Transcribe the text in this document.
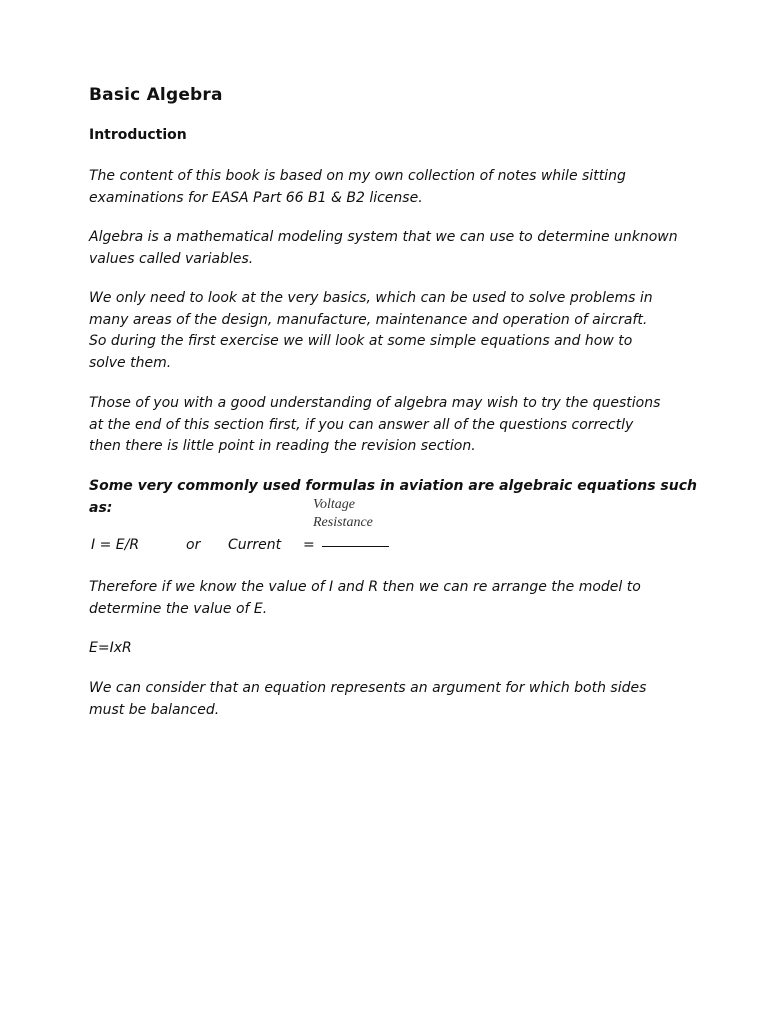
Basic Algebra
Introduction

The content of this book is based on my own collection of notes while sitting
examinations for EASA Part 66 B1 & B2 license.

Algebra is a mathematical modeling system that we can use to determine unknown
values called variables.

We only need to look at the very basics, which can be used to solve problems in
many areas of the design, manufacture, maintenance and operation of aircraft.
So during the first exercise we will look at some simple equations and how to
solve them.

Those of you with a good understanding of algebra may wish to try the questions
at the end of this section first, if you can answer all of the questions correctly
then there is little point in reading the revision section.

Some very commonly used formulas in aviation are algebraic equations such
as:	Voltage
Resistance
I = E/R	or Current =

Therefore if we know the value of I and R then we can re arrange the model to
determine the value of E.

E=IxR

We can consider that an equation represents an argument for which both sides
must be balanced.
